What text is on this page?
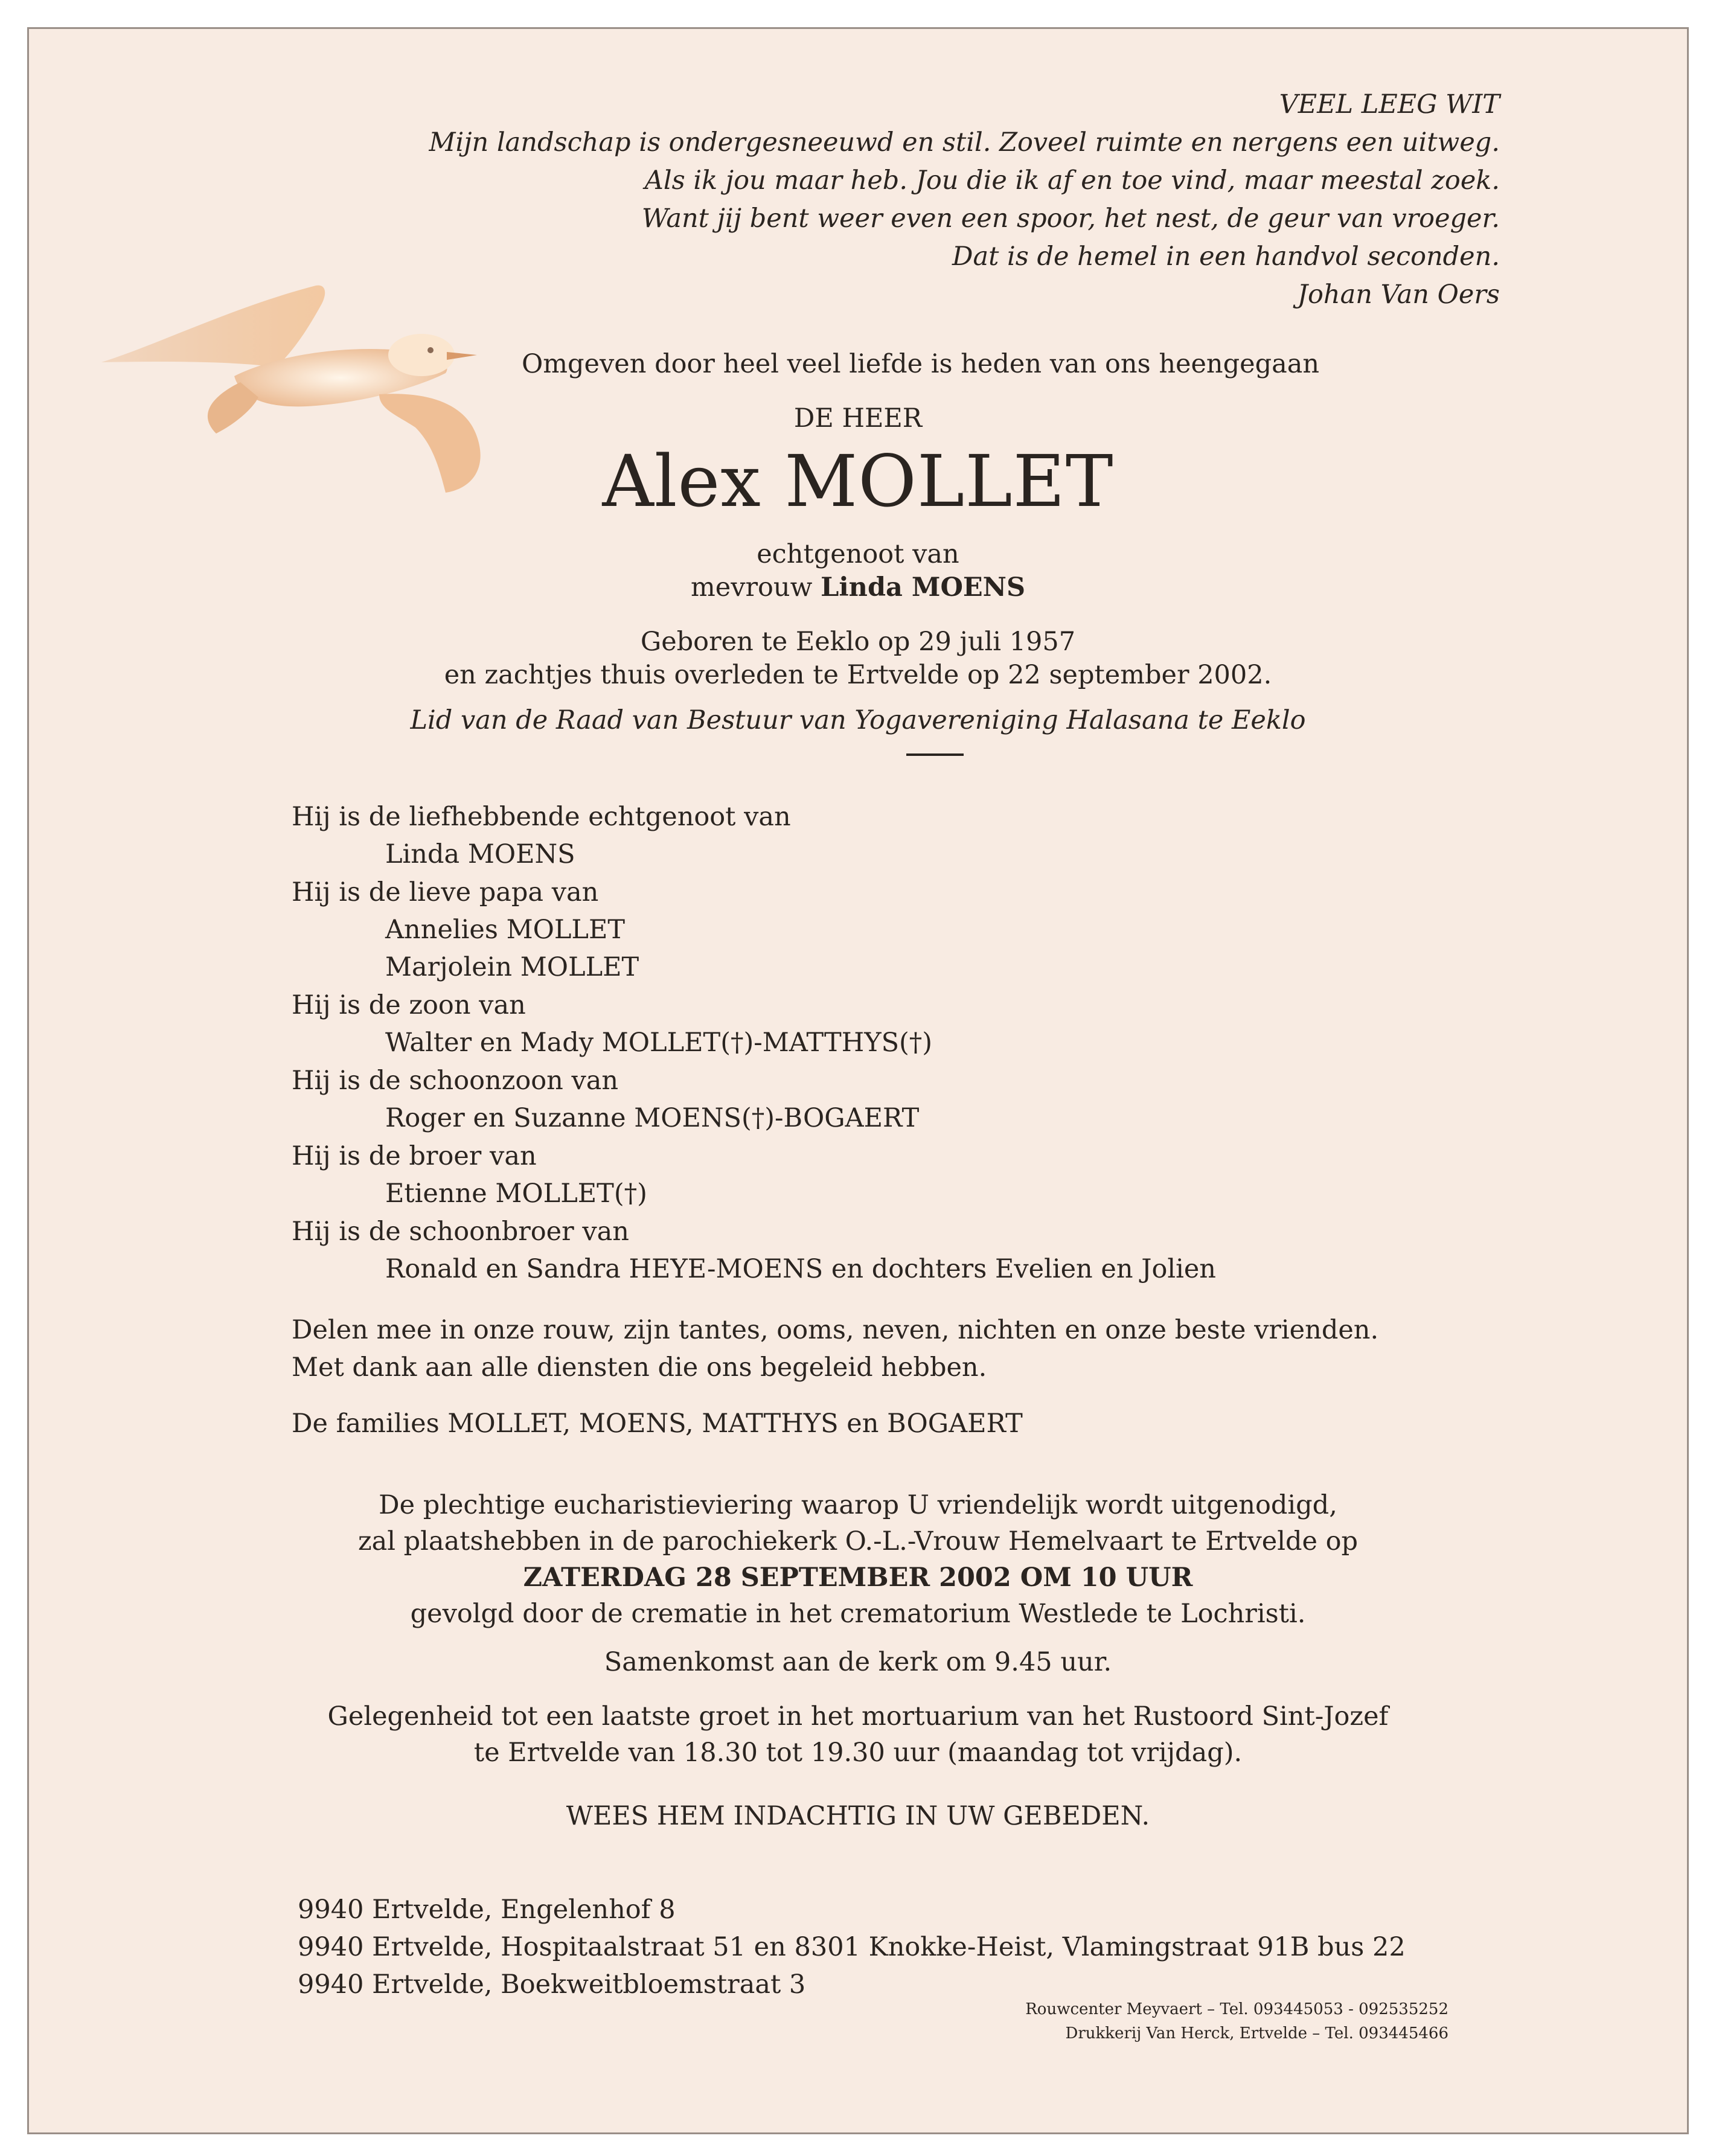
VEEL LEEG WIT
Mijn landschap is ondergesneeuwd en stil. Zoveel ruimte en nergens een uitweg.
Als ik jou maar heb. Jou die ik af en toe vind, maar meestal zoek.
Want jij bent weer even een spoor, het nest, de geur van vroeger.
Dat is de hemel in een handvol seconden.
Johan Van Oers
Omgeven door heel veel liefde is heden van ons heengegaan
DE HEER
Alex MOLLET
echtgenoot van
mevrouw Linda MOENS
Geboren te Eeklo op 29 juli 1957
en zachtjes thuis overleden te Ertvelde op 22 september 2002.
Lid van de Raad van Bestuur van Yogavereniging Halasana te Eeklo
Hij is de liefhebbende echtgenoot van
Linda MOENS
Hij is de lieve papa van
Annelies MOLLET
Marjolein MOLLET
Hij is de zoon van
Walter en Mady MOLLET(†)-MATTHYS(†)
Hij is de schoonzoon van
Roger en Suzanne MOENS(†)-BOGAERT
Hij is de broer van
Etienne MOLLET(†)
Hij is de schoonbroer van
Ronald en Sandra HEYE-MOENS en dochters Evelien en Jolien
Delen mee in onze rouw, zijn tantes, ooms, neven, nichten en onze beste vrienden.
Met dank aan alle diensten die ons begeleid hebben.
De families MOLLET, MOENS, MATTHYS en BOGAERT
De plechtige eucharistieviering waarop U vriendelijk wordt uitgenodigd,
zal plaatshebben in de parochiekerk O.-L.-Vrouw Hemelvaart te Ertvelde op
ZATERDAG 28 SEPTEMBER 2002 OM 10 UUR
gevolgd door de crematie in het crematorium Westlede te Lochristi.
Samenkomst aan de kerk om 9.45 uur.
Gelegenheid tot een laatste groet in het mortuarium van het Rustoord Sint-Jozef
te Ertvelde van 18.30 tot 19.30 uur (maandag tot vrijdag).
WEES HEM INDACHTIG IN UW GEBEDEN.
9940 Ertvelde, Engelenhof 8
9940 Ertvelde, Hospitaalstraat 51 en 8301 Knokke-Heist, Vlamingstraat 91B bus 22
9940 Ertvelde, Boekweitbloemstraat 3
Rouwcenter Meyvaert – Tel. 093445053 - 092535252
Drukkerij Van Herck, Ertvelde – Tel. 093445466
